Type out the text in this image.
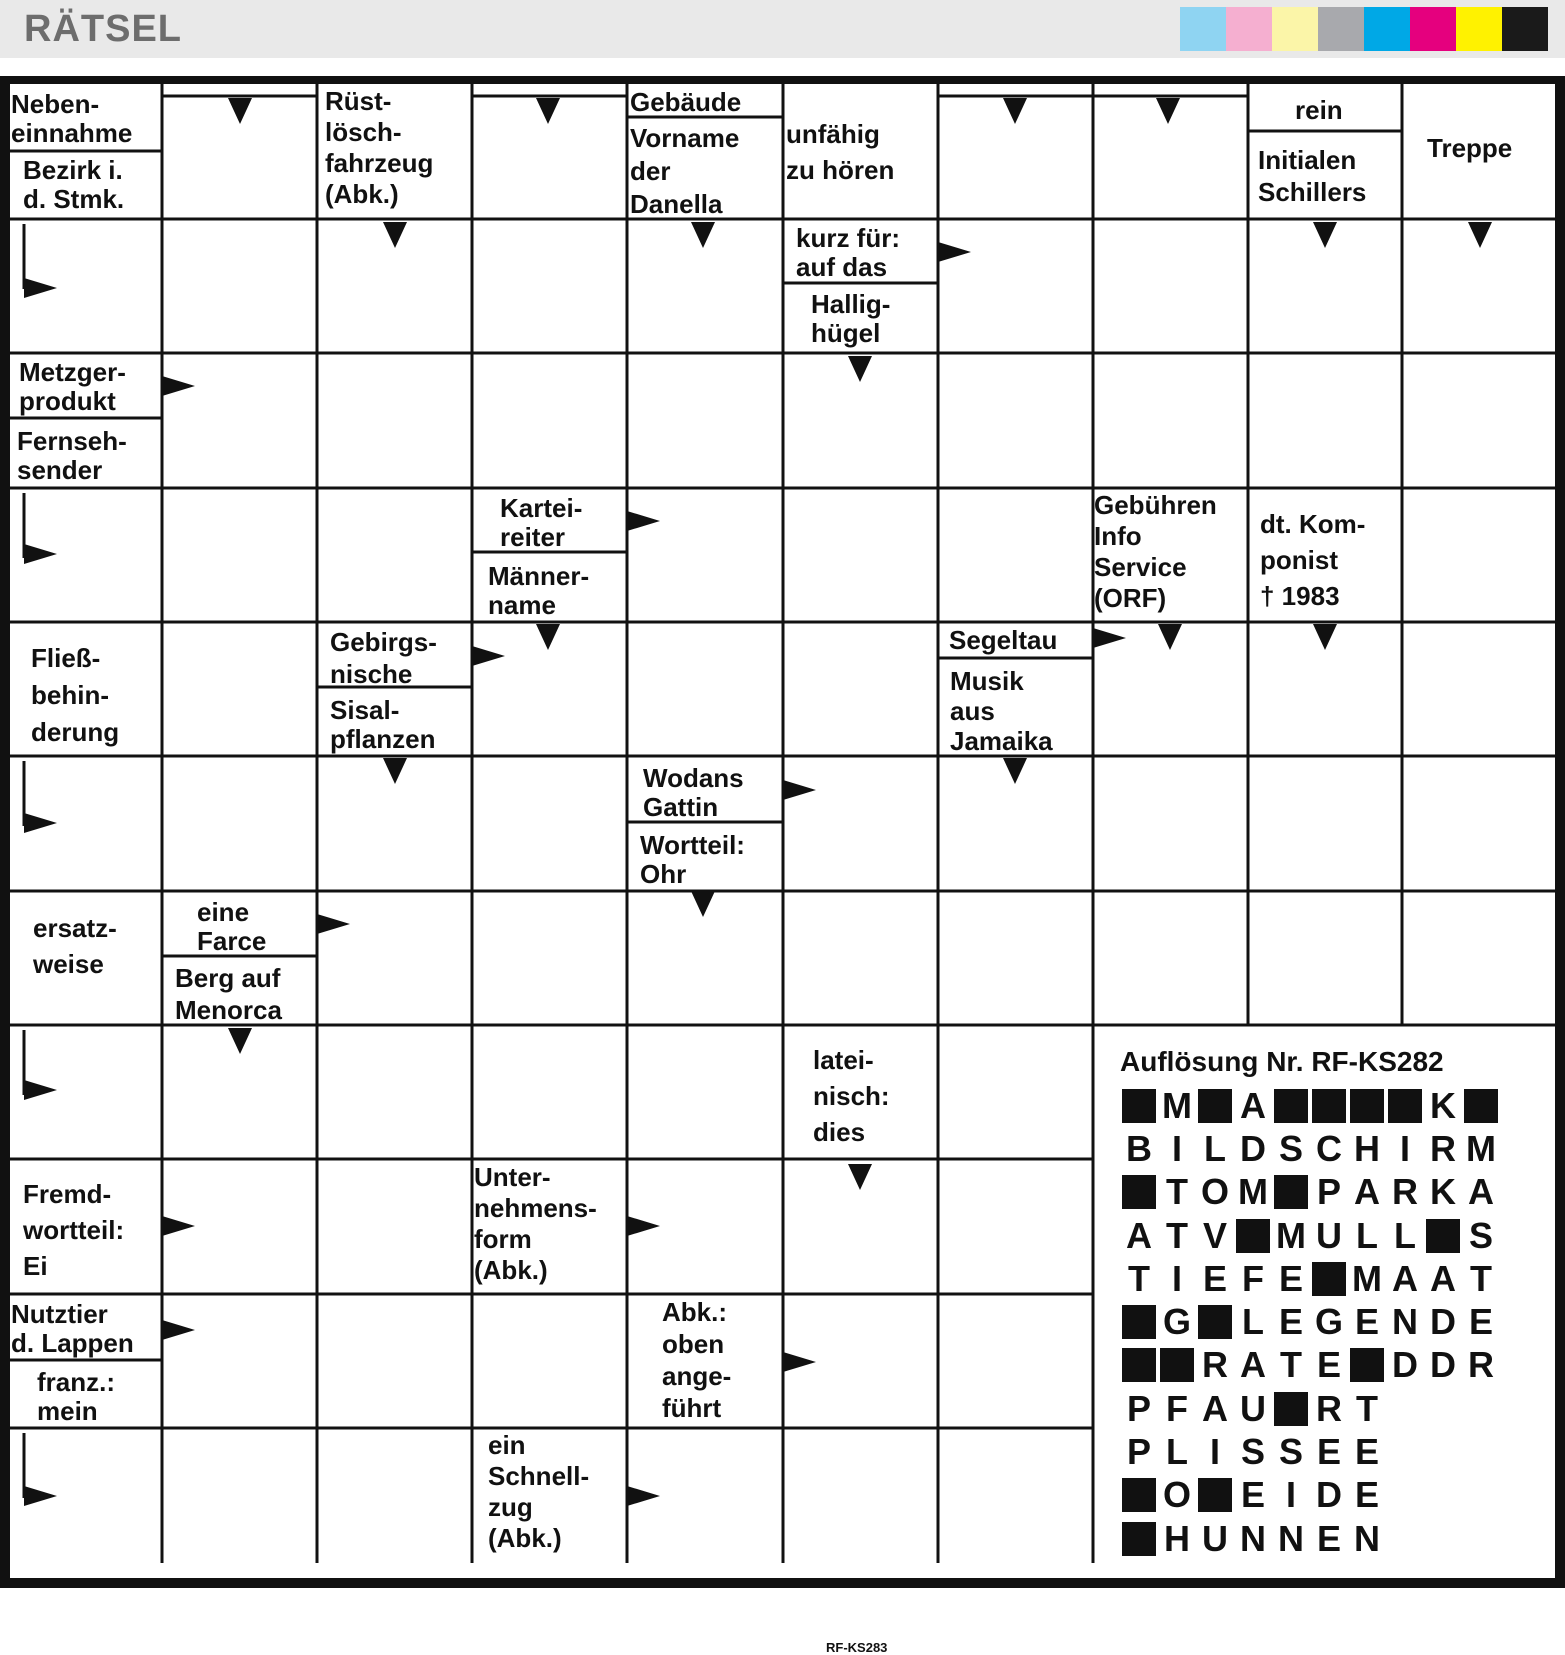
RÄTSEL
Neben-
einnahme
Bezirk i.
d. Stmk.
Rüst-
lösch-
fahrzeug
(Abk.)
Gebäude
Vorname
der
Danella
unfähig
zu hören
rein
Initialen
Schillers
Treppe
kurz für:
auf das
Hallig-
hügel
Metzger-
produkt
Fernseh-
sender
Kartei-
reiter
Männer-
name
Gebühren
Info
Service
(ORF)
dt. Kom-
ponist
† 1983
Fließ-
behin-
derung
Gebirgs-
nische
Sisal-
pflanzen
Segeltau
Musik
aus
Jamaika
Wodans
Gattin
Wortteil:
Ohr
ersatz-
weise
eine
Farce
Berg auf
Menorca
latei-
nisch:
dies
Fremd-
wortteil:
Ei
Unter-
nehmens-
form
(Abk.)
Nutztier
d. Lappen
franz.:
mein
Abk.:
oben
ange-
führt
ein
Schnell-
zug
(Abk.)
RF-KS283
Auflösung Nr. RF-KS282
M A	K
B I L D S C H I R M
T O M P A R K A
A T V M U L L S
T I E F E M A A T
G L E G E N D E
R A T E D D R
P F A U R T
P L I S S E E
O E I D E
H U N N E N
